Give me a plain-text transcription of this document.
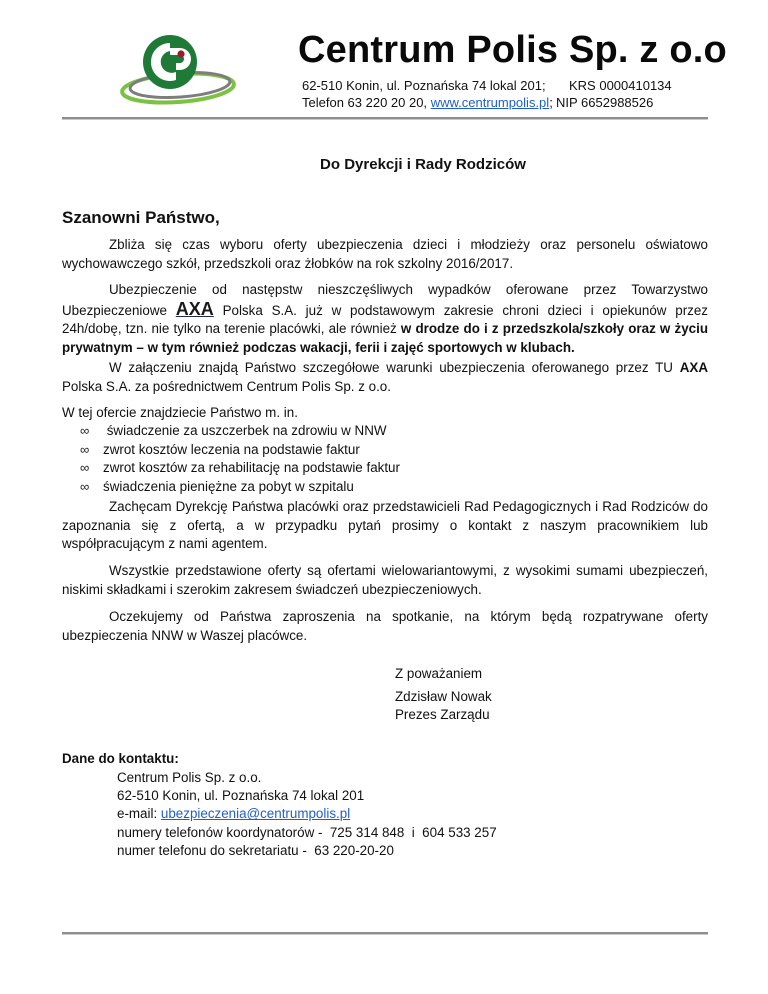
Centrum Polis Sp. z o.o
62-510 Konin, ul. Poznańska 74 lokal 201; KRS 0000410134
Telefon 63 220 20 20, www.centrumpolis.pl; NIP 6652988526
Do Dyrekcji i Rady Rodziców
Szanowni Państwo,
Zbliża się czas wyboru oferty ubezpieczenia dzieci i młodzieży oraz personelu oświatowo wychowawczego szkół, przedszkoli oraz żłobków na rok szkolny 2016/2017.
Ubezpieczenie od następstw nieszczęśliwych wypadków oferowane przez Towarzystwo Ubezpieczeniowe AXA Polska S.A. już w podstawowym zakresie chroni dzieci i opiekunów przez 24h/dobę, tzn. nie tylko na terenie placówki, ale również w drodze do i z przedszkola/szkoły oraz w życiu prywatnym – w tym również podczas wakacji, ferii i zajęć sportowych w klubach.
W załączeniu znajdą Państwo szczegółowe warunki ubezpieczenia oferowanego przez TU AXA Polska S.A. za pośrednictwem Centrum Polis Sp. z o.o.
W tej ofercie znajdziecie Państwo m. in.
∞	świadczenie za uszczerbek na zdrowiu w NNW
∞	zwrot kosztów leczenia na podstawie faktur
∞	zwrot kosztów za rehabilitację na podstawie faktur
∞	świadczenia pieniężne za pobyt w szpitalu
Zachęcam Dyrekcję Państwa placówki oraz przedstawicieli Rad Pedagogicznych i Rad Rodziców do zapoznania się z ofertą, a w przypadku pytań prosimy o kontakt z naszym pracownikiem lub współpracującym z nami agentem.
Wszystkie przedstawione oferty są ofertami wielowariantowymi, z wysokimi sumami ubezpieczeń, niskimi składkami i szerokim zakresem świadczeń ubezpieczeniowych.
Oczekujemy od Państwa zaproszenia na spotkanie, na którym będą rozpatrywane oferty ubezpieczenia NNW w Waszej placówce.
Z poważaniem
Zdzisław Nowak
Prezes Zarządu
Dane do kontaktu:
Centrum Polis Sp. z o.o.
62-510 Konin, ul. Poznańska 74 lokal 201
e-mail: ubezpieczenia@centrumpolis.pl
numery telefonów koordynatorów -  725 314 848  i  604 533 257
numer telefonu do sekretariatu -  63 220-20-20
